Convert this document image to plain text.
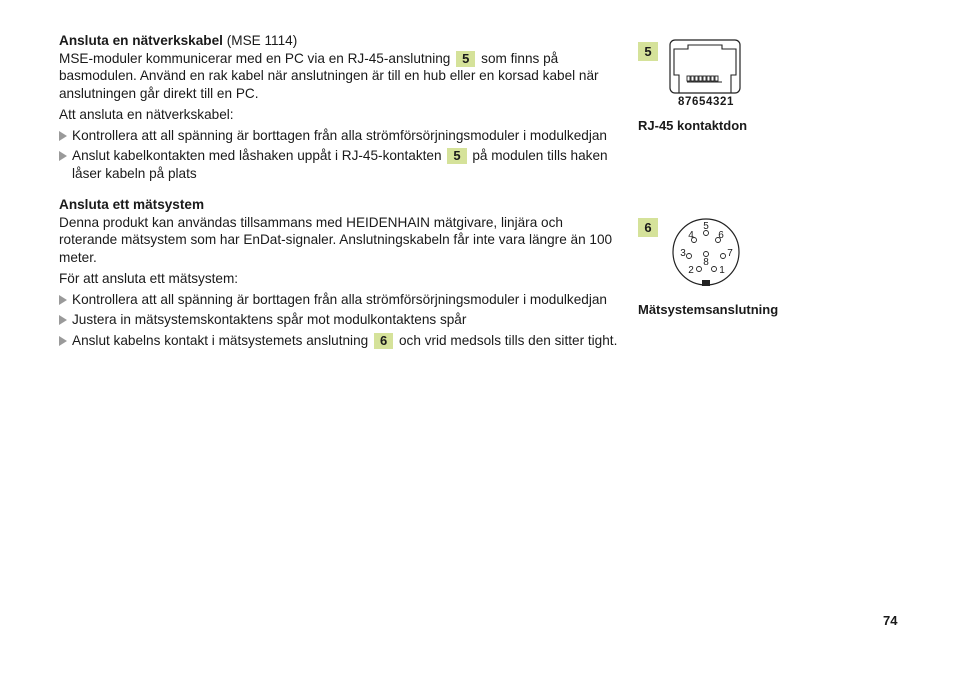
Ansluta en nätverkskabel (MSE 1114)

MSE-moduler kommunicerar med en PC via en RJ-45-anslutning 5 som finns på basmodulen. Använd en rak kabel när anslutningen är till en hub eller en korsad kabel när anslutningen går direkt till en PC.

Att ansluta en nätverkskabel:

Kontrollera att all spänning är borttagen från alla strömförsörjningsmoduler i modulkedjan

Anslut kabelkontakten med låshaken uppåt i RJ-45-kontakten 5 på modulen tills haken låser kabeln på plats

Ansluta ett mätsystem

Denna produkt kan användas tillsammans med HEIDENHAIN mätgivare, linjära och roterande mätsystem som har EnDat-signaler. Anslutningskabeln får inte vara längre än 100 meter.

För att ansluta ett mätsystem:

Kontrollera att all spänning är borttagen från alla strömförsörjningsmoduler i modulkedjan

Justera in mätsystemskontaktens spår mot modulkontaktens spår

Anslut kabelns kontakt i mätsystemets anslutning 6 och vrid medsols tills den sitter tight.

5
87654321
RJ-45 kontaktdon
6	5
4 6
3	7
8
2	1
Mätsystemsanslutning
74
